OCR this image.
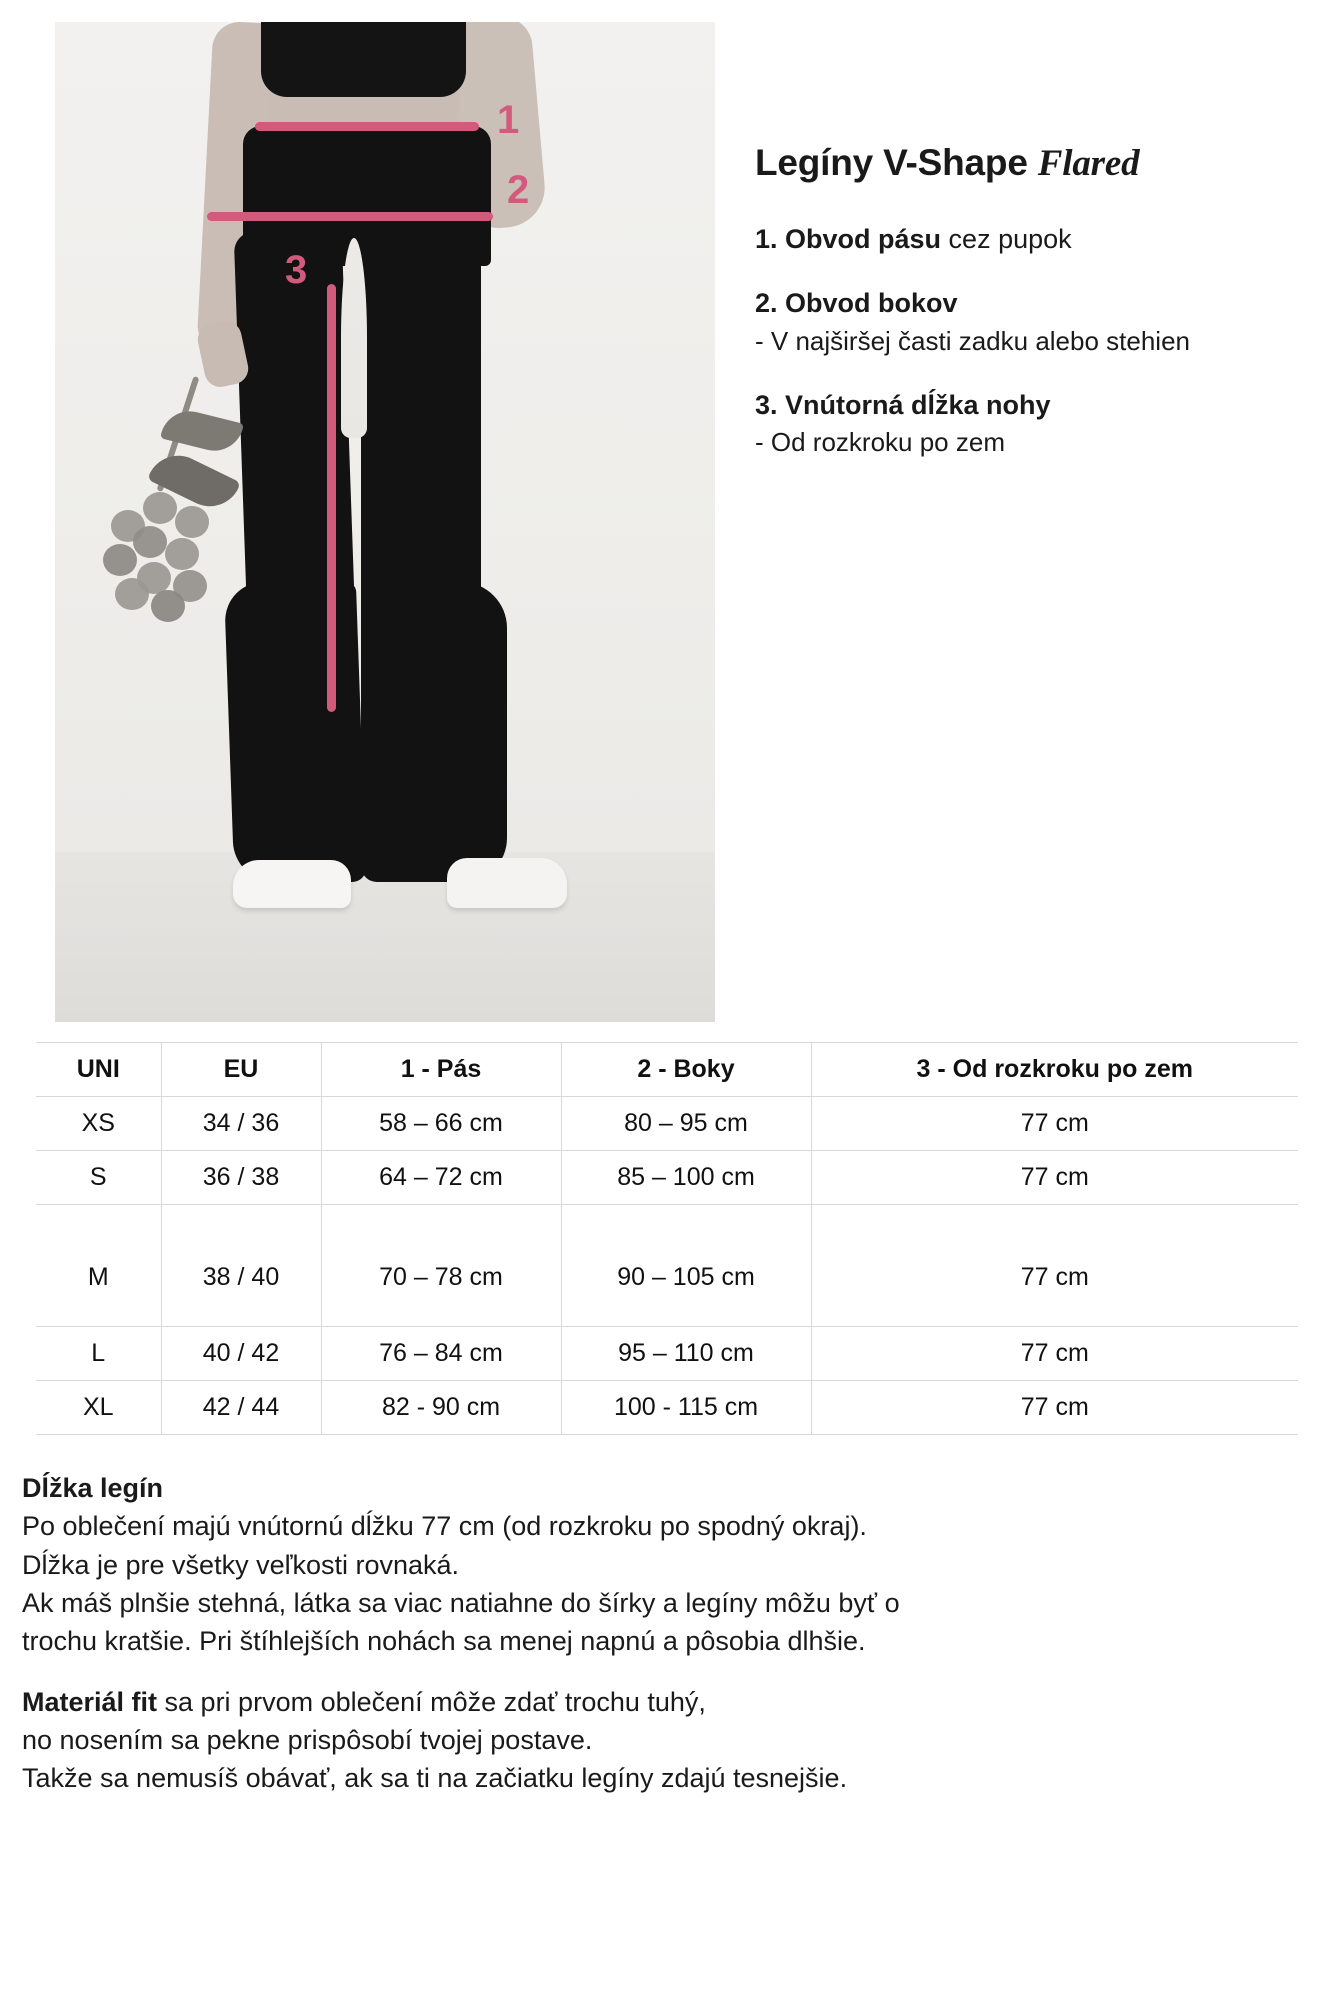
1
2
3
Legíny V-Shape Flared

1. Obvod pásu cez pupok

2. Obvod bokov

- V najširšej časti zadku alebo stehien

3. Vnútorná dĺžka nohy

- Od rozkroku po zem

UNI	EU	1 - Pás	2 - Boky	3 - Od rozkroku po zem
XS	34 / 36	58 – 66 cm	80 – 95 cm	77 cm
S	36 / 38	64 – 72 cm	85 – 100 cm	77 cm
M	38 / 40	70 – 78 cm	90 – 105 cm	77 cm
L	40 / 42	76 – 84 cm	95 – 110 cm	77 cm
XL	42 / 44	82 - 90 cm	100 - 115 cm	77 cm

Dĺžka legín

Po oblečení majú vnútornú dĺžku 77 cm (od rozkroku po spodný okraj).

Dĺžka je pre všetky veľkosti rovnaká.

Ak máš plnšie stehná, látka sa viac natiahne do šírky a legíny môžu byť o

trochu kratšie. Pri štíhlejších nohách sa menej napnú a pôsobia dlhšie.

Materiál fit sa pri prvom oblečení môže zdať trochu tuhý,

no nosením sa pekne prispôsobí tvojej postave.

Takže sa nemusíš obávať, ak sa ti na začiatku legíny zdajú tesnejšie.
